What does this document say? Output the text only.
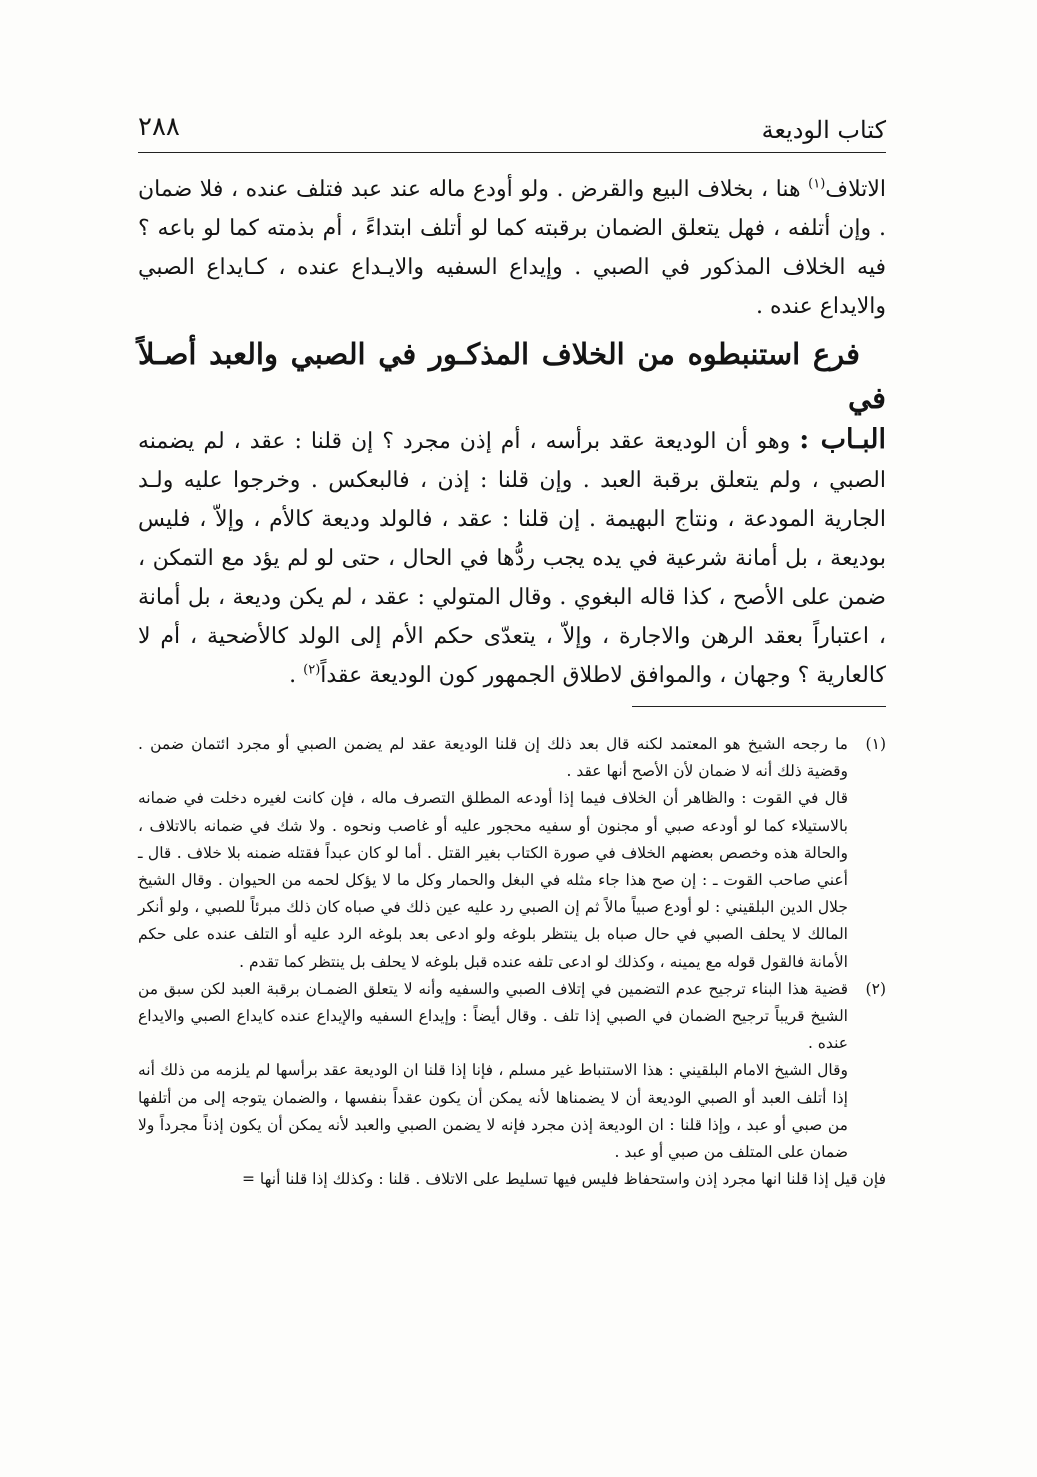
كتاب الوديعة
٢٨٨

الاتلاف$^{(١)}$ هنا ، بخلاف البيع والقرض . ولو أودع ماله عند عبد فتلف عنده ، فلا ضمان . وإن أتلفه ، فهل يتعلق الضمان برقبته كما لو أتلف ابتداءً ، أم بذمته كما لو باعه ؟ فيه الخلاف المذكور في الصبي . وإيداع السفيه والايـداع عنده ، كـايداع الصبي والايداع عنده .

فرع استنبطوه من الخلاف المذكـور في الصبي والعبد أصـلاً في

البـاب : وهو أن الوديعة عقد برأسه ، أم إذن مجرد ؟ إن قلنا : عقد ، لم يضمنه الصبي ، ولم يتعلق برقبة العبد . وإن قلنا : إذن ، فالبعكس . وخرجوا عليه ولـد الجارية المودعة ، ونتاج البهيمة . إن قلنا : عقد ، فالولد وديعة كالأم ، وإلاّ ، فليس بوديعة ، بل أمانة شرعية في يده يجب ردُّها في الحال ، حتى لو لم يؤد مع التمكن ، ضمن على الأصح ، كذا قاله البغوي . وقال المتولي : عقد ، لم يكن وديعة ، بل أمانة ، اعتباراً بعقد الرهن والاجارة ، وإلاّ ، يتعدّى حكم الأم إلى الولد كالأضحية ، أم لا كالعارية ؟ وجهان ، والموافق لاطلاق الجمهور كون الوديعة عقداً$^{(٢)}$ .

(١)
ما رجحه الشيخ هو المعتمد لكنه قال بعد ذلك إن قلنا الوديعة عقد لم يضمن الصبي أو مجرد ائتمان ضمن . وقضية ذلك أنه لا ضمان لأن الأصح أنها عقد .

قال في القوت : والظاهر أن الخلاف فيما إذا أودعه المطلق التصرف ماله ، فإن كانت لغيره دخلت في ضمانه بالاستيلاء كما لو أودعه صبي أو مجنون أو سفيه محجور عليه أو غاصب ونحوه . ولا شك في ضمانه بالاتلاف ، والحالة هذه وخصص بعضهم الخلاف في صورة الكتاب بغير القتل . أما لو كان عبداً فقتله ضمنه بلا خلاف . قال ـ أعني صاحب القوت ـ : إن صح هذا جاء مثله في البغل والحمار وكل ما لا يؤكل لحمه من الحيوان . وقال الشيخ جلال الدين البلقيني : لو أودع صبياً مالاً ثم إن الصبي رد عليه عين ذلك في صباه كان ذلك مبرئاً للصبي ، ولو أنكر المالك لا يحلف الصبي في حال صباه بل ينتظر بلوغه ولو ادعى بعد بلوغه الرد عليه أو التلف عنده على حكم الأمانة فالقول قوله مع يمينه ، وكذلك لو ادعى تلفه عنده قبل بلوغه لا يحلف بل ينتظر كما تقدم .

(٢)
قضية هذا البناء ترجيح عدم التضمين في إتلاف الصبي والسفيه وأنه لا يتعلق الضمـان برقبة العبد لكن سبق من الشيخ قريباً ترجيح الضمان في الصبي إذا تلف . وقال أيضاً : وإيداع السفيه والإيداع عنده كايداع الصبي والايداع عنده .

وقال الشيخ الامام البلقيني : هذا الاستنباط غير مسلم ، فإنا إذا قلنا ان الوديعة عقد برأسها لم يلزمه من ذلك أنه إذا أتلف العبد أو الصبي الوديعة أن لا يضمناها لأنه يمكن أن يكون عقداً بنفسها ، والضمان يتوجه إلى من أتلفها من صبي أو عبد ، وإذا قلنا : ان الوديعة إذن مجرد فإنه لا يضمن الصبي والعبد لأنه يمكن أن يكون إذناً مجرداً ولا ضمان على المتلف من صبي أو عبد .

فإن قيل إذا قلنا انها مجرد إذن واستحفاظ فليس فيها تسليط على الاتلاف . قلنا : وكذلك إذا قلنا أنها =
